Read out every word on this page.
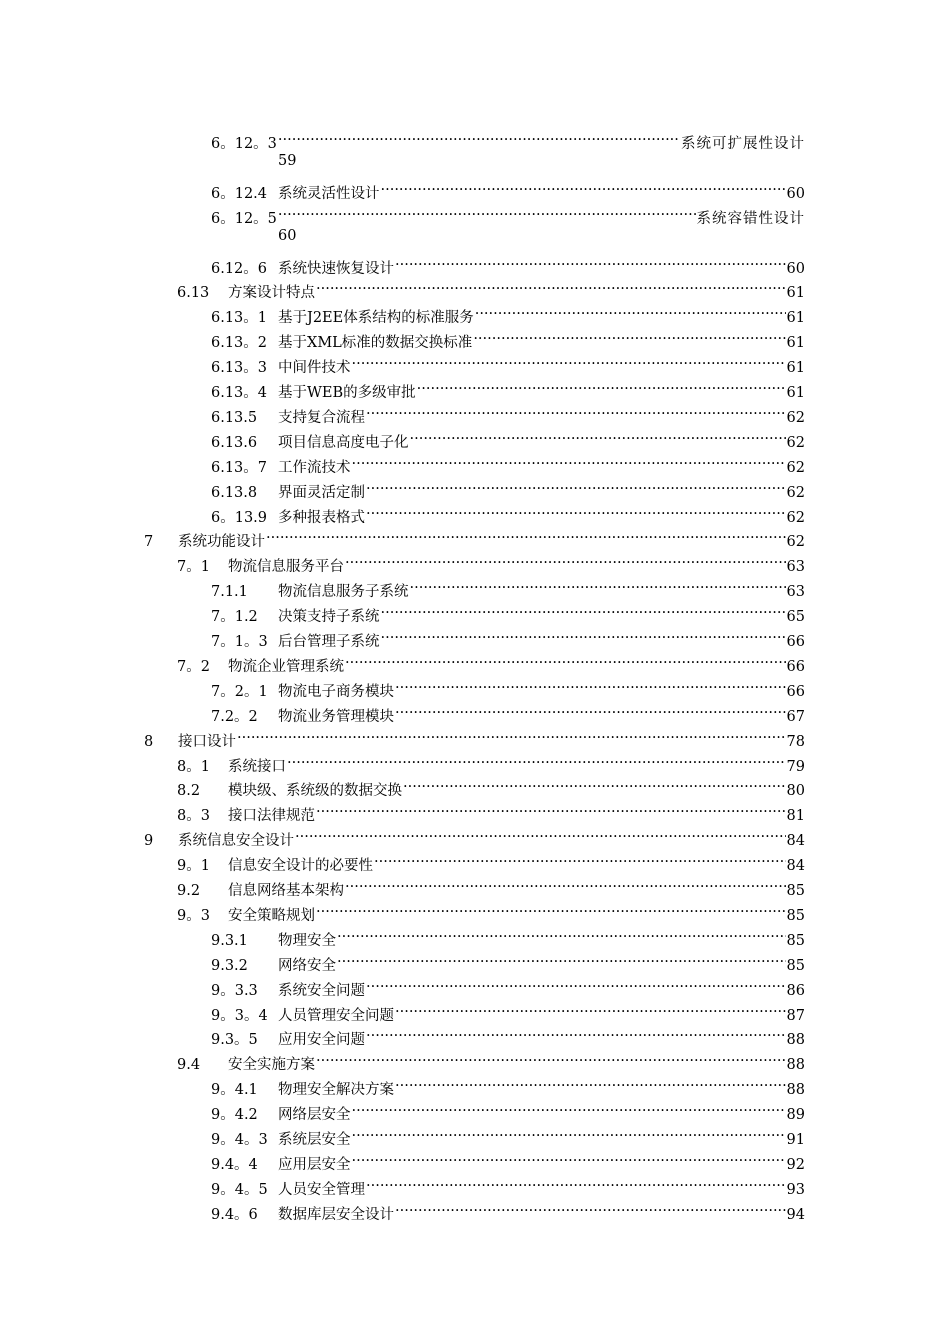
6。12。3 .....	系统可扩展性设计
59
6。12.4 系统灵活性设计 .....	60
6。12。5 .....	系统容错性设计
60
6.12。6 系统快速恢复设计 .....	60
6.13	方案设计特点 .....	61
6.13。1 基于J2EE体系结构的标准服务 .....	61
6.13。2 基于XML标准的数据交换标准 .....	61
6.13。3 中间件技术 .....	61
6.13。4 基于WEB的多级审批 .....	61
6.13.5	支持复合流程 .....	62
6.13.6	项目信息高度电子化 .....	62
6.13。7 工作流技术 .....	62
6.13.8	界面灵活定制 .....	62
6。13.9 多种报表格式 .....	62
7	系统功能设计 .....	62
7。1	物流信息服务平台 .....	63
7.1.1	物流信息服务子系统 .....	63
7。1.2	决策支持子系统 .....	65
7。1。3 后台管理子系统 .....	66
7。2	物流企业管理系统 .....	66
7。2。1 物流电子商务模块 .....	66
7.2。2	物流业务管理模块 .....	67
8	接口设计 .....	78
8。1	系统接口 .....	79
8.2	模块级、系统级的数据交换 .....	80
8。3	接口法律规范 .....	81
9	系统信息安全设计 .....	84
9。1	信息安全设计的必要性 .....	84
9.2	信息网络基本架构 .....	85
9。3	安全策略规划 .....	85
9.3.1	物理安全 .....	85
9.3.2	网络安全 .....	85
9。3.3	系统安全问题 .....	86
9。3。4 人员管理安全问题 .....	87
9.3。5	应用安全问题 .....	88
9.4	安全实施方案 .....	88
9。4.1	物理安全解决方案 .....	88
9。4.2	网络层安全 .....	89
9。4。3 系统层安全 .....	91
9.4。4	应用层安全 .....	92
9。4。5 人员安全管理 .....	93
9.4。6	数据库层安全设计 .....	94
